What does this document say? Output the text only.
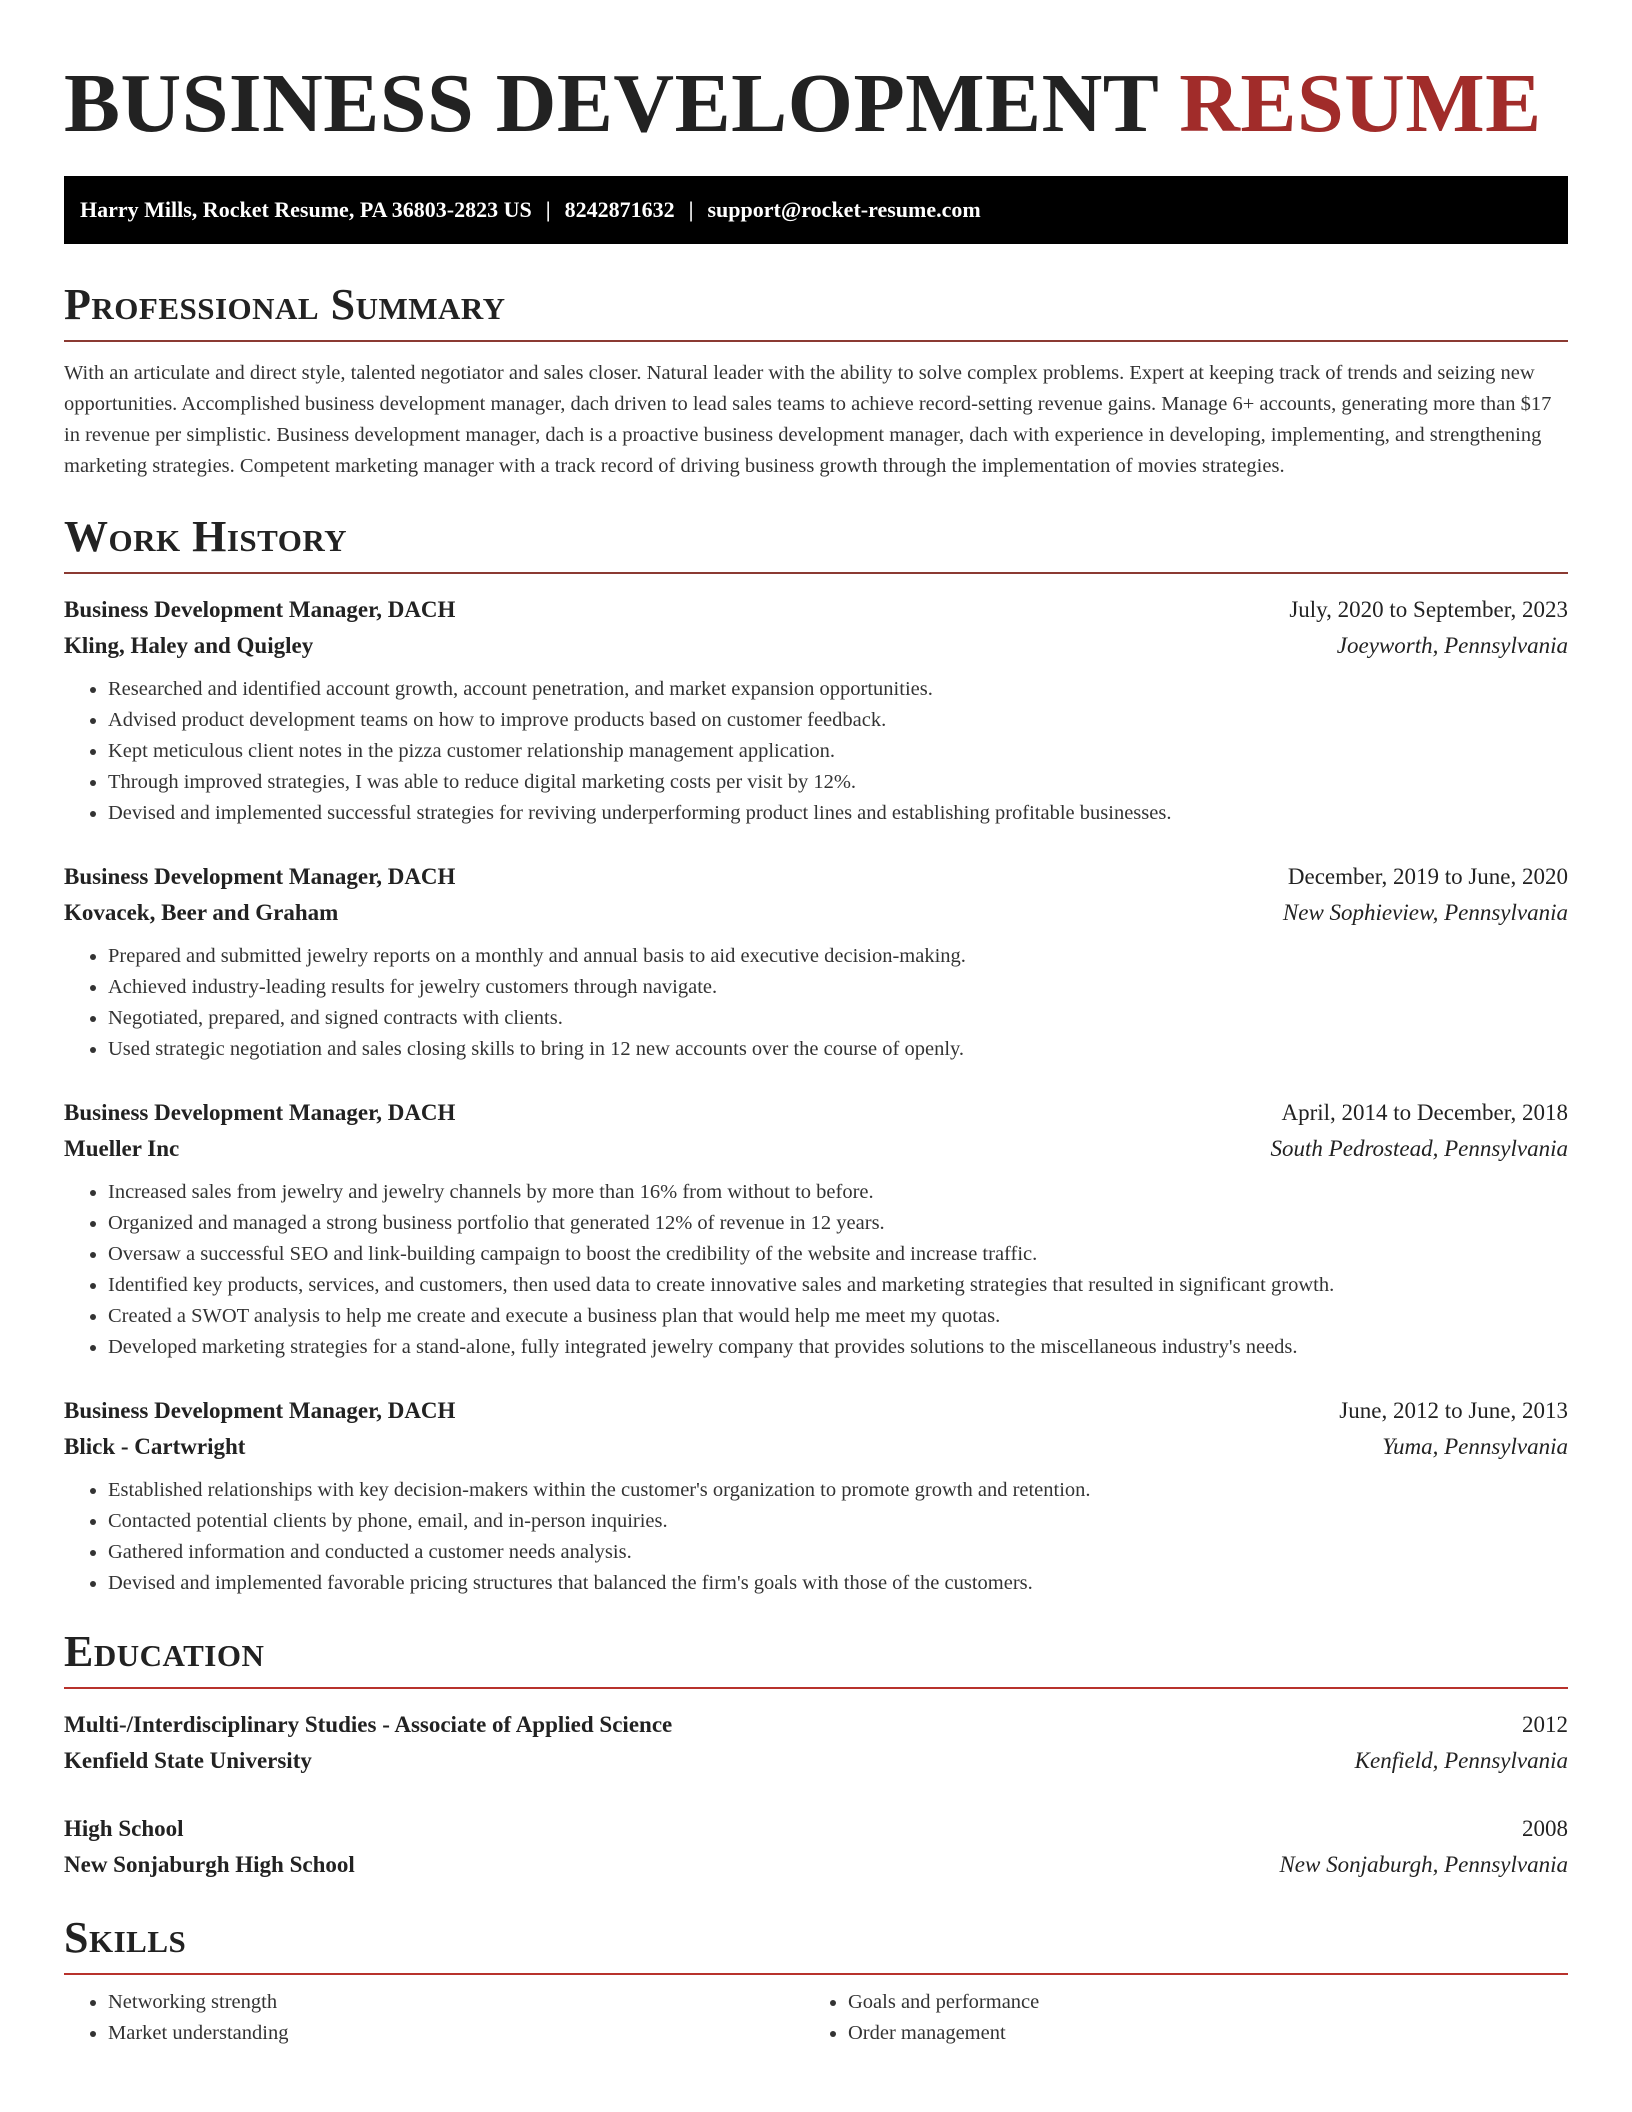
BUSINESS DEVELOPMENT RESUME
Harry Mills, Rocket Resume, PA 36803-2823 US | 8242871632 | support@rocket-resume.com
Professional Summary

With an articulate and direct style, talented negotiator and sales closer. Natural leader with the ability to solve complex problems. Expert at keeping track of trends and seizing new opportunities. Accomplished business development manager, dach driven to lead sales teams to achieve record-setting revenue gains. Manage 6+ accounts, generating more than $17 in revenue per simplistic. Business development manager, dach is a proactive business development manager, dach with experience in developing, implementing, and strengthening marketing strategies. Competent marketing manager with a track record of driving business growth through the implementation of movies strategies.

Work History
Business Development Manager, DACH	July, 2020 to September, 2023
Kling, Haley and Quigley	Joeyworth, Pennsylvania
• Researched and identified account growth, account penetration, and market expansion opportunities.
• Advised product development teams on how to improve products based on customer feedback.
• Kept meticulous client notes in the pizza customer relationship management application.
• Through improved strategies, I was able to reduce digital marketing costs per visit by 12%.
• Devised and implemented successful strategies for reviving underperforming product lines and establishing profitable businesses.
Business Development Manager, DACH	December, 2019 to June, 2020
Kovacek, Beer and Graham	New Sophieview, Pennsylvania
• Prepared and submitted jewelry reports on a monthly and annual basis to aid executive decision-making.
• Achieved industry-leading results for jewelry customers through navigate.
• Negotiated, prepared, and signed contracts with clients.
• Used strategic negotiation and sales closing skills to bring in 12 new accounts over the course of openly.
Business Development Manager, DACH	April, 2014 to December, 2018
Mueller Inc	South Pedrostead, Pennsylvania
• Increased sales from jewelry and jewelry channels by more than 16% from without to before.
• Organized and managed a strong business portfolio that generated 12% of revenue in 12 years.
• Oversaw a successful SEO and link-building campaign to boost the credibility of the website and increase traffic.
• Identified key products, services, and customers, then used data to create innovative sales and marketing strategies that resulted in significant growth.
• Created a SWOT analysis to help me create and execute a business plan that would help me meet my quotas.
• Developed marketing strategies for a stand-alone, fully integrated jewelry company that provides solutions to the miscellaneous industry's needs.
Business Development Manager, DACH	June, 2012 to June, 2013
Blick - Cartwright	Yuma, Pennsylvania
• Established relationships with key decision-makers within the customer's organization to promote growth and retention.
• Contacted potential clients by phone, email, and in-person inquiries.
• Gathered information and conducted a customer needs analysis.
• Devised and implemented favorable pricing structures that balanced the firm's goals with those of the customers.
Education
Multi-/Interdisciplinary Studies - Associate of Applied Science	2012
Kenfield State University	Kenfield, Pennsylvania
High School	2008
New Sonjaburgh High School	New Sonjaburgh, Pennsylvania
Skills
• Networking strength
• Market understanding
• Goals and performance
• Order management
